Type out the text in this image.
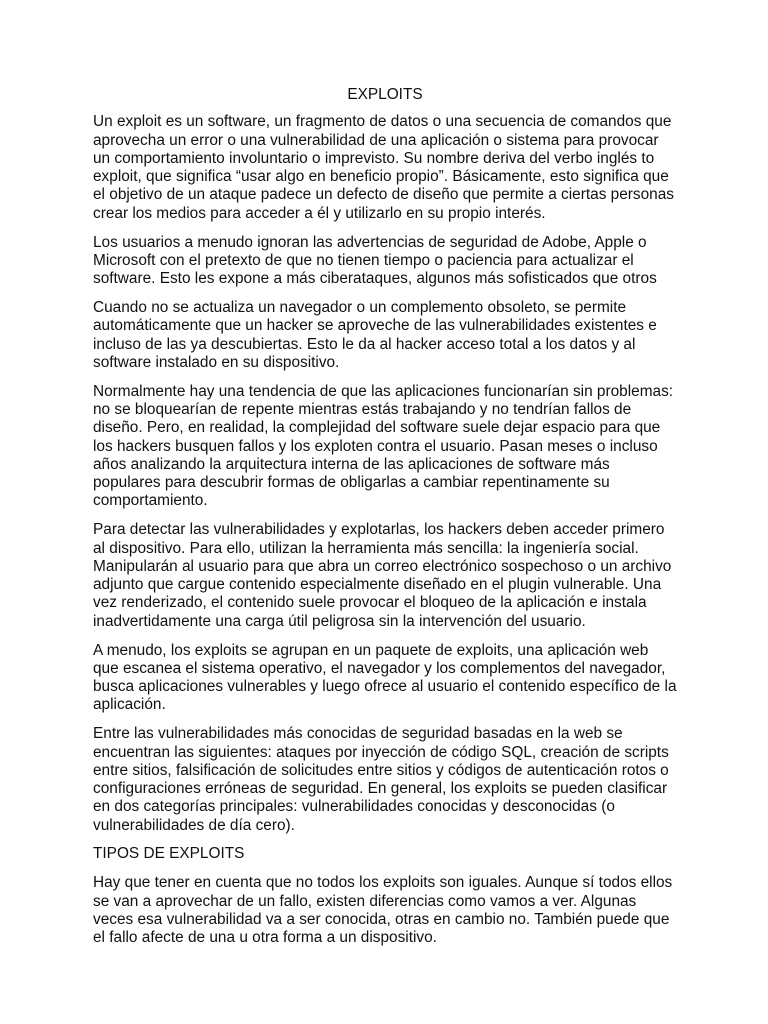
EXPLOITS

Un exploit es un software, un fragmento de datos o una secuencia de comandos que aprovecha un error o una vulnerabilidad de una aplicación o sistema para provocar un comportamiento involuntario o imprevisto. Su nombre deriva del verbo inglés to exploit, que significa “usar algo en beneficio propio”. Básicamente, esto significa que el objetivo de un ataque padece un defecto de diseño que permite a ciertas personas crear los medios para acceder a él y utilizarlo en su propio interés.

Los usuarios a menudo ignoran las advertencias de seguridad de Adobe, Apple o Microsoft con el pretexto de que no tienen tiempo o paciencia para actualizar el software. Esto les expone a más ciberataques, algunos más sofisticados que otros

Cuando no se actualiza un navegador o un complemento obsoleto, se permite automáticamente que un hacker se aproveche de las vulnerabilidades existentes e incluso de las ya descubiertas. Esto le da al hacker acceso total a los datos y al software instalado en su dispositivo.

Normalmente hay una tendencia de que las aplicaciones funcionarían sin problemas: no se bloquearían de repente mientras estás trabajando y no tendrían fallos de diseño. Pero, en realidad, la complejidad del software suele dejar espacio para que los hackers busquen fallos y los exploten contra el usuario. Pasan meses o incluso años analizando la arquitectura interna de las aplicaciones de software más populares para descubrir formas de obligarlas a cambiar repentinamente su comportamiento.

Para detectar las vulnerabilidades y explotarlas, los hackers deben acceder primero al dispositivo. Para ello, utilizan la herramienta más sencilla: la ingeniería social. Manipularán al usuario para que abra un correo electrónico sospechoso o un archivo adjunto que cargue contenido especialmente diseñado en el plugin vulnerable. Una vez renderizado, el contenido suele provocar el bloqueo de la aplicación e instala inadvertidamente una carga útil peligrosa sin la intervención del usuario.

A menudo, los exploits se agrupan en un paquete de exploits, una aplicación web que escanea el sistema operativo, el navegador y los complementos del navegador, busca aplicaciones vulnerables y luego ofrece al usuario el contenido específico de la aplicación.

Entre las vulnerabilidades más conocidas de seguridad basadas en la web se encuentran las siguientes: ataques por inyección de código SQL, creación de scripts entre sitios, falsificación de solicitudes entre sitios y códigos de autenticación rotos o configuraciones erróneas de seguridad. En general, los exploits se pueden clasificar en dos categorías principales: vulnerabilidades conocidas y desconocidas (o vulnerabilidades de día cero).

TIPOS DE EXPLOITS

Hay que tener en cuenta que no todos los exploits son iguales. Aunque sí todos ellos se van a aprovechar de un fallo, existen diferencias como vamos a ver. Algunas veces esa vulnerabilidad va a ser conocida, otras en cambio no. También puede que el fallo afecte de una u otra forma a un dispositivo.
